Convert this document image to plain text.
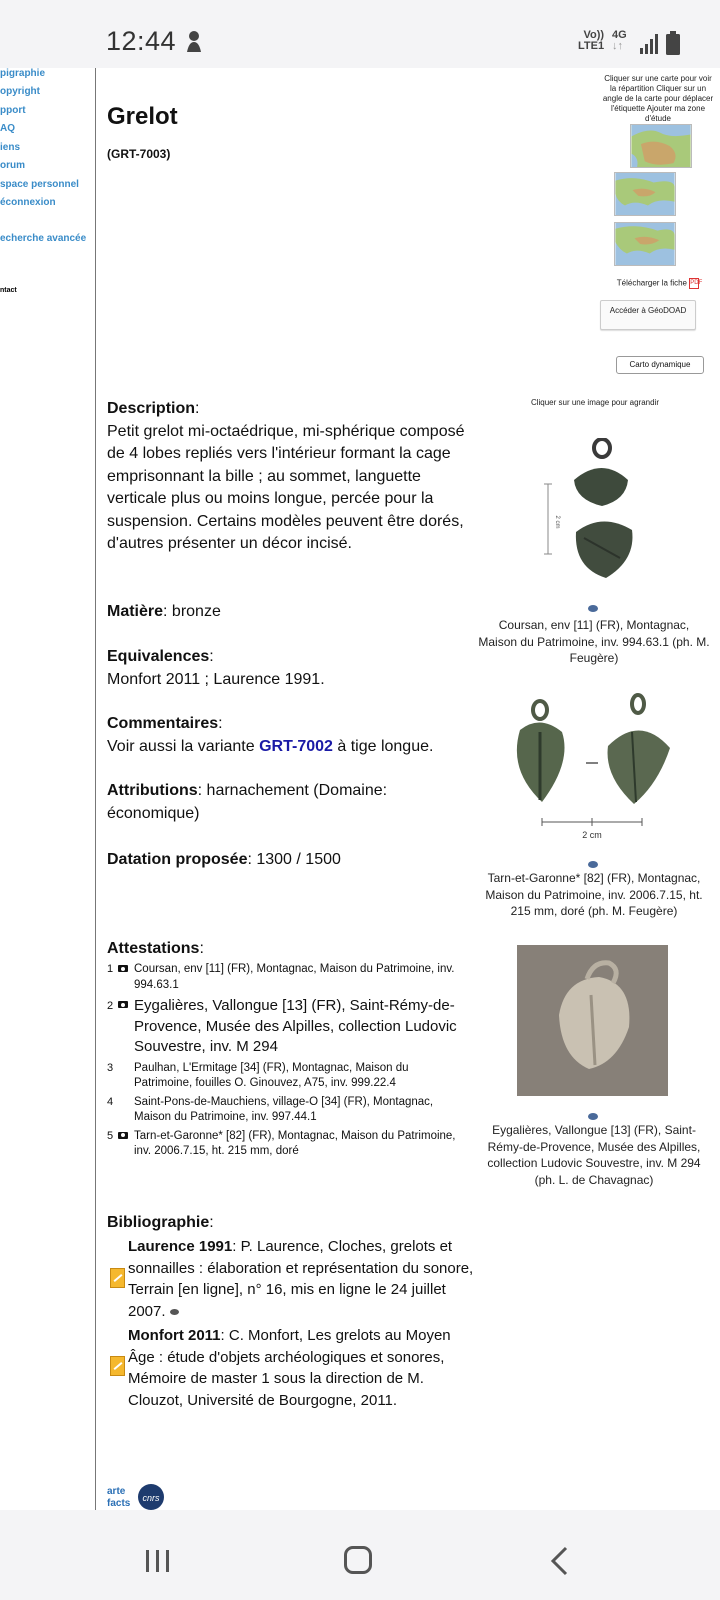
12:44	Vo))
LTE1
4G
↓↑
pigraphie
opyright
pport
AQ
iens
orum
space personnel
éconnexion
echerche avancée
ntact
Grelot
(GRT-7003)
Cliquer sur une carte pour voir la répartition Cliquer sur un angle de la carte pour déplacer l'étiquette Ajouter ma zone d'étude
Télécharger la fiche PDF
Accéder à GéoDOAD
Carto dynamique
Description:
Petit grelot mi-octaédrique, mi-sphérique composé de 4 lobes repliés vers l'intérieur formant la cage emprisonnant la bille ; au sommet, languette verticale plus ou moins longue, percée pour la suspension. Certains modèles peuvent être dorés, d'autres présenter un décor incisé.
Matière: bronze
Equivalences:
Monfort 2011 ; Laurence 1991.
Commentaires:
Voir aussi la variante GRT-7002 à tige longue.
Attributions: harnachement (Domaine: économique)
Datation proposée: 1300 / 1500
Attestations:
1 Coursan, env [11] (FR), Montagnac, Maison du Patrimoine, inv. 994.63.1
2 Eygalières, Vallongue [13] (FR), Saint-Rémy-de-Provence, Musée des Alpilles, collection Ludovic Souvestre, inv. M 294
3 Paulhan, L'Ermitage [34] (FR), Montagnac, Maison du Patrimoine, fouilles O. Ginouvez, A75, inv. 999.22.4
4 Saint-Pons-de-Mauchiens, village-O [34] (FR), Montagnac, Maison du Patrimoine, inv. 997.44.1
5 Tarn-et-Garonne* [82] (FR), Montagnac, Maison du Patrimoine, inv. 2006.7.15, ht. 215 mm, doré
Bibliographie:
Laurence 1991: P. Laurence, Cloches, grelots et sonnailles : élaboration et représentation du sonore, Terrain [en ligne], n° 16, mis en ligne le 24 juillet 2007.
Monfort 2011: C. Monfort, Les grelots au Moyen Âge : étude d'objets archéologiques et sonores, Mémoire de master 1 sous la direction de M. Clouzot, Université de Bourgogne, 2011.
Cliquer sur une image pour agrandir
2 cm
Coursan, env [11] (FR), Montagnac, Maison du Patrimoine, inv. 994.63.1 (ph. M. Feugère)
2 cm
Tarn-et-Garonne* [82] (FR), Montagnac, Maison du Patrimoine, inv. 2006.7.15, ht. 215 mm, doré (ph. M. Feugère)
Eygalières, Vallongue [13] (FR), Saint-Rémy-de-Provence, Musée des Alpilles, collection Ludovic Souvestre, inv. M 294 (ph. L. de Chavagnac)
arte
facts cnrs
